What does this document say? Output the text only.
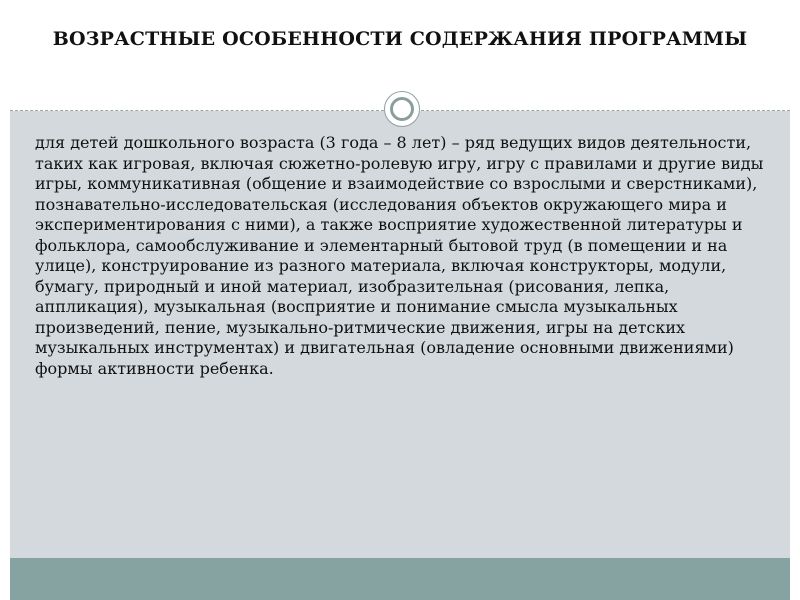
ВОЗРАСТНЫЕ ОСОБЕННОСТИ СОДЕРЖАНИЯ ПРОГРАММЫ

для детей дошкольного возраста (3 года – 8 лет) – ряд ведущих видов деятельности, таких как игровая, включая сюжетно-ролевую игру, игру с правилами и другие виды игры, коммуникативная (общение и взаимодействие со взрослыми и сверстниками), познавательно-исследовательская (исследования объектов окружающего мира и экспериментирования с ними), а также восприятие художественной литературы и фольклора, самообслуживание и элементарный бытовой труд (в помещении и на улице), конструирование из разного материала, включая конструкторы, модули, бумагу, природный и иной материал, изобразительная (рисования, лепка, аппликация), музыкальная (восприятие и понимание смысла музыкальных произведений, пение, музыкально-ритмические движения, игры на детских музыкальных инструментах) и двигательная (овладение основными движениями) формы активности ребенка.
